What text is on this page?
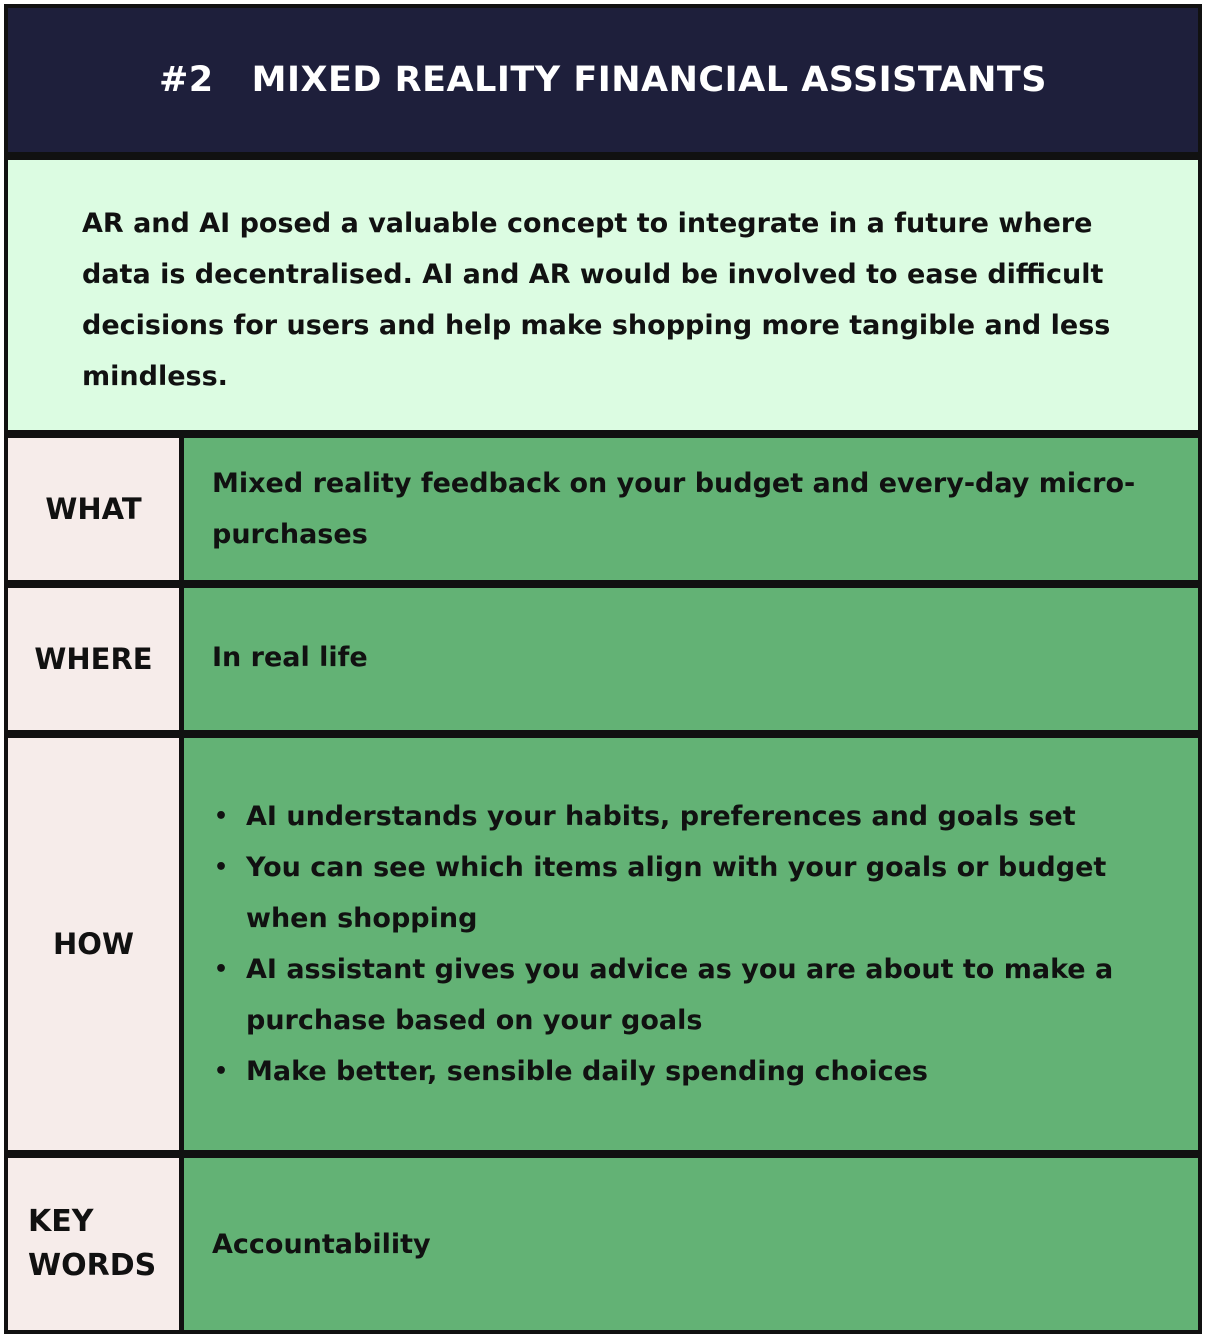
#2 MIXED REALITY FINANCIAL ASSISTANTS
AR and AI posed a valuable concept to integrate in a future where data is decentralised. AI and AR would be involved to ease difficult decisions for users and help make shopping more tangible and less mindless.
WHAT
Mixed reality feedback on your budget and every-day micro-purchases
WHERE	In real life
HOW
• AI understands your habits, preferences and goals set
• You can see which items align with your goals or budget when shopping
• AI assistant gives you advice as you are about to make a purchase based on your goals
• Make better, sensible daily spending choices
KEY
WORDS
Accountability
